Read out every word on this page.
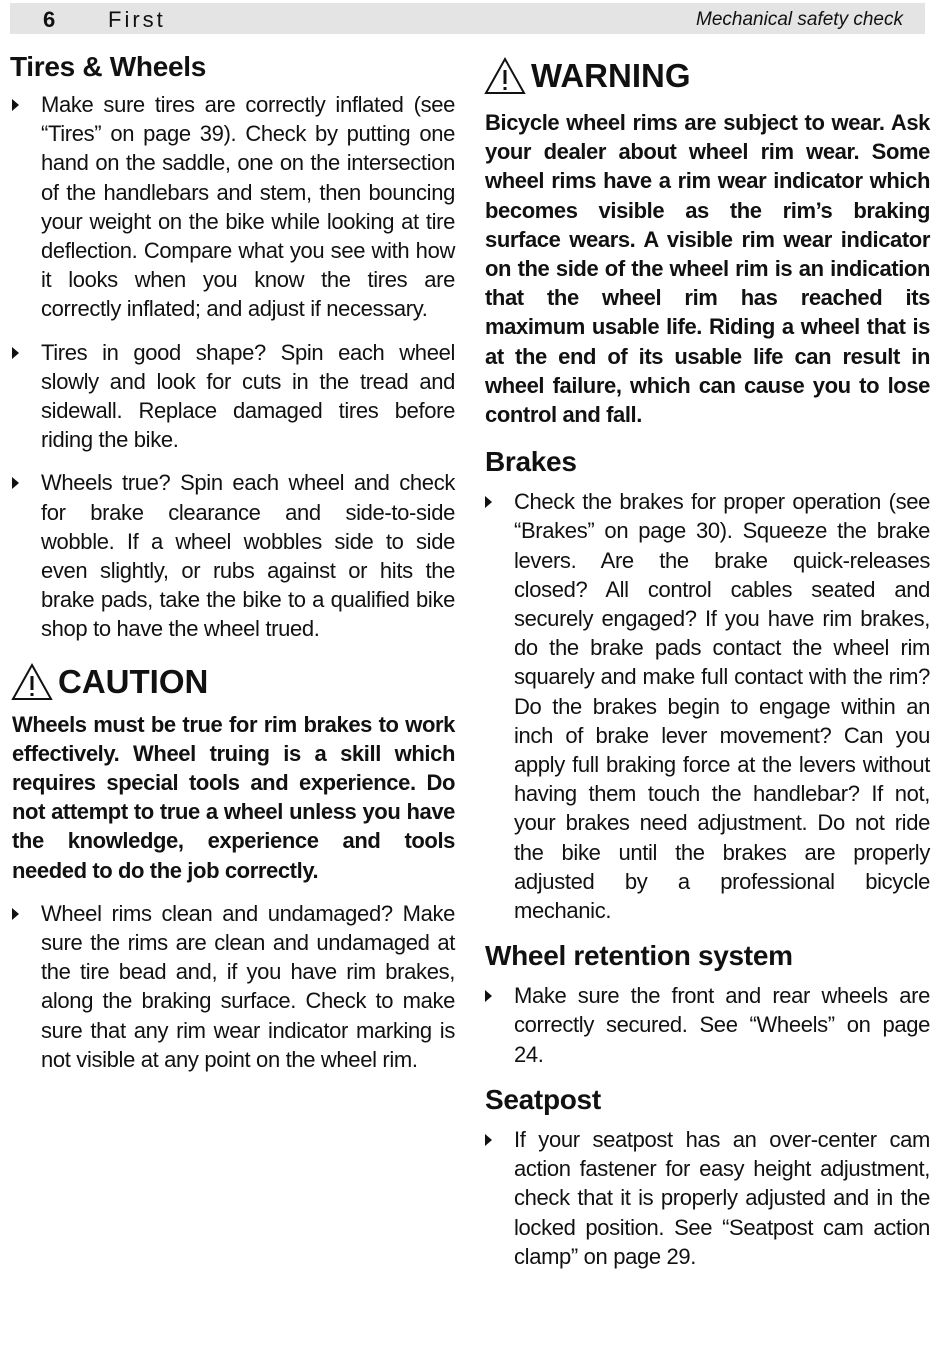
6 First	Mechanical safety check
Tires & Wheels
Make sure tires are correctly inflated (see “Tires” on page 39). Check by putting one hand on the saddle, one on the intersection of the handlebars and stem, then bouncing your weight on the bike while looking at tire deflection. Compare what you see with how it looks when you know the tires are correctly inflated; and adjust if necessary.
Tires in good shape? Spin each wheel slowly and look for cuts in the tread and sidewall. Replace damaged tires before riding the bike.
Wheels true? Spin each wheel and check for brake clearance and side-to-side wobble. If a wheel wobbles side to side even slightly, or rubs against or hits the brake pads, take the bike to a qualified bike shop to have the wheel trued.
CAUTION
Wheels must be true for rim brakes to work effectively. Wheel truing is a skill which requires special tools and experience. Do not attempt to true a wheel unless you have the knowledge, experience and tools needed to do the job correctly.
Wheel rims clean and undamaged? Make sure the rims are clean and undamaged at the tire bead and, if you have rim brakes, along the braking surface. Check to make sure that any rim wear indicator marking is not visible at any point on the wheel rim.
WARNING
Bicycle wheel rims are subject to wear. Ask your dealer about wheel rim wear. Some wheel rims have a rim wear indicator which becomes visible as the rim’s braking surface wears. A visible rim wear indicator on the side of the wheel rim is an indication that the wheel rim has reached its maximum usable life. Riding a wheel that is at the end of its usable life can result in wheel failure, which can cause you to lose control and fall.
Brakes
Check the brakes for proper operation (see “Brakes” on page 30). Squeeze the brake levers. Are the brake quick-releases closed? All control cables seated and securely engaged? If you have rim brakes, do the brake pads contact the wheel rim squarely and make full contact with the rim? Do the brakes begin to engage within an inch of brake lever movement? Can you apply full braking force at the levers without having them touch the handlebar? If not, your brakes need adjustment. Do not ride the bike until the brakes are properly adjusted by a professional bicycle mechanic.
Wheel retention system
Make sure the front and rear wheels are correctly secured. See “Wheels” on page 24.
Seatpost
If your seatpost has an over-center cam action fastener for easy height adjustment, check that it is properly adjusted and in the locked position. See “Seatpost cam action clamp” on page 29.
